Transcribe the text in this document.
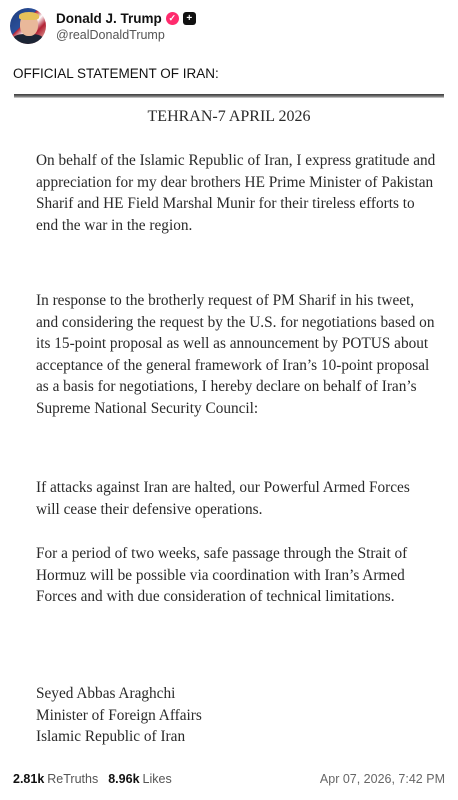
Donald J. Trump ✓	+
@realDonaldTrump
OFFICIAL STATEMENT OF IRAN:
TEHRAN-7 APRIL 2026
On behalf of the Islamic Republic of Iran, I express gratitude and appreciation for my dear brothers HE Prime Minister of Pakistan Sharif and HE Field Marshal Munir for their tireless efforts to end the war in the region.
In response to the brotherly request of PM Sharif in his tweet, and considering the request by the U.S. for negotiations based on its 15-point proposal as well as announcement by POTUS about acceptance of the general framework of Iran’s 10-point proposal as a basis for negotiations, I hereby declare on behalf of Iran’s Supreme National Security Council:
If attacks against Iran are halted, our Powerful Armed Forces will cease their defensive operations.
For a period of two weeks, safe passage through the Strait of Hormuz will be possible via coordination with Iran’s Armed Forces and with due consideration of technical limitations.
Seyed Abbas Araghchi
Minister of Foreign Affairs
Islamic Republic of Iran
2.81k ReTruths 8.96k Likes	Apr 07, 2026, 7:42 PM
